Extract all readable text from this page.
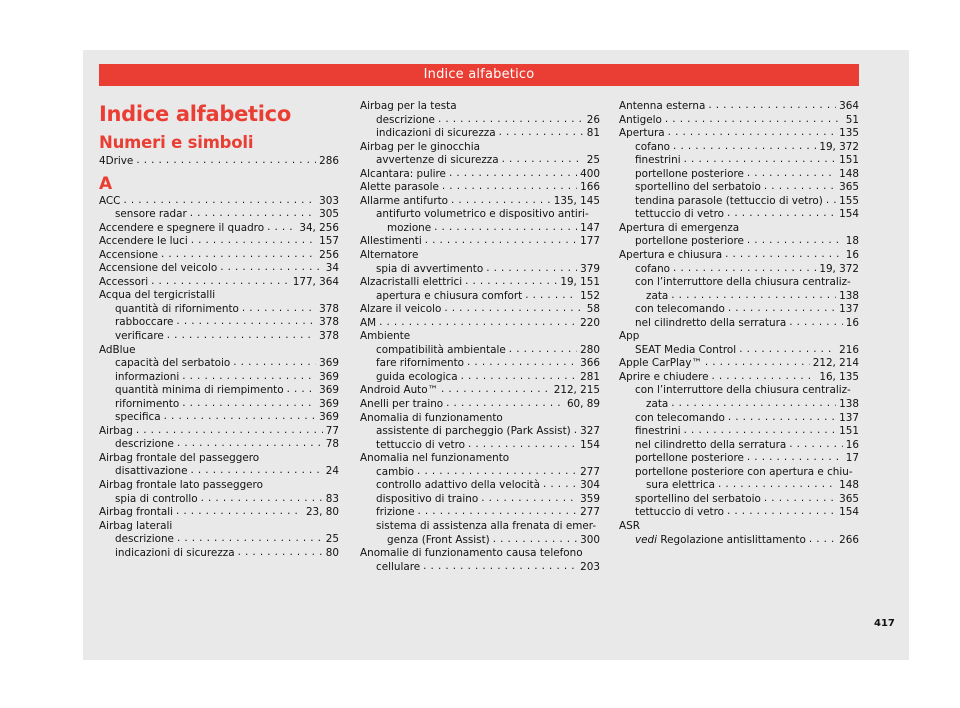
Indice alfabetico
Indice alfabetico
Numeri e simboli
4Drive . . .	286
A
ACC . . .	303
sensore radar . . .	305
Accendere e spegnere il quadro . . .	34, 256
Accendere le luci . . .	157
Accensione . . .	256
Accensione del veicolo . . .	34
Accessori . . .	177, 364
Acqua del tergicristalli
quantità di rifornimento . . .	378
rabboccare . . .	378
verificare . . .	378
AdBlue
capacità del serbatoio . . .	369
informazioni . . .	369
quantità minima di riempimento . . .	369
rifornimento . . .	369
specifica . . .	369
Airbag . . .	77
descrizione . . .	78
Airbag frontale del passeggero
disattivazione . . .	24
Airbag frontale lato passeggero
spia di controllo . . .	83
Airbag frontali . . .	23, 80
Airbag laterali
descrizione . . .	25
indicazioni di sicurezza . . .	80
Airbag per la testa
descrizione . . .	26
indicazioni di sicurezza . . .	81
Airbag per le ginocchia
avvertenze di sicurezza . . .	25
Alcantara: pulire . . .	400
Alette parasole . . .	166
Allarme antifurto . . .	135, 145
antifurto volumetrico e dispositivo antiri-
mozione . . .	147
Allestimenti . . .	177
Alternatore
spia di avvertimento . . .	379
Alzacristalli elettrici . . .	19, 151
apertura e chiusura comfort . . .	152
Alzare il veicolo . . .	58
AM . . .	220
Ambiente
compatibilità ambientale . . .	280
fare rifornimento . . .	366
guida ecologica . . .	281
Android Auto™ . . .	212, 215
Anelli per traino . . .	60, 89
Anomalia di funzionamento
assistente di parcheggio (Park Assist) . . . 327
tettuccio di vetro . . .	154
Anomalia nel funzionamento
cambio . . .	277
controllo adattivo della velocità . . .	304
dispositivo di traino . . .	359
frizione . . .	277
sistema di assistenza alla frenata di emer-
genza (Front Assist) . . .	300
Anomalie di funzionamento causa telefono
cellulare . . .	203
Antenna esterna . . .	364
Antigelo . . .	51
Apertura . . .	135
cofano . . .	19, 372
finestrini . . .	151
portellone posteriore . . .	148
sportellino del serbatoio . . .	365
tendina parasole (tettuccio di vetro) . . . 155
tettuccio di vetro . . .	154
Apertura di emergenza
portellone posteriore . . .	18
Apertura e chiusura . . .	16
cofano . . .	19, 372
con l’interruttore della chiusura centraliz-
zata . . .	138
con telecomando . . .	137
nel cilindretto della serratura . . .	16
App
SEAT Media Control . . .	216
Apple CarPlay™ . . .	212, 214
Aprire e chiudere . . .	16, 135
con l’interruttore della chiusura centraliz-
zata . . .	138
con telecomando . . .	137
finestrini . . .	151
nel cilindretto della serratura . . .	16
portellone posteriore . . .	17
portellone posteriore con apertura e chiu-
sura elettrica . . .	148
sportellino del serbatoio . . .	365
tettuccio di vetro . . .	154
ASR
vedi Regolazione antislittamento . . .	266
417
